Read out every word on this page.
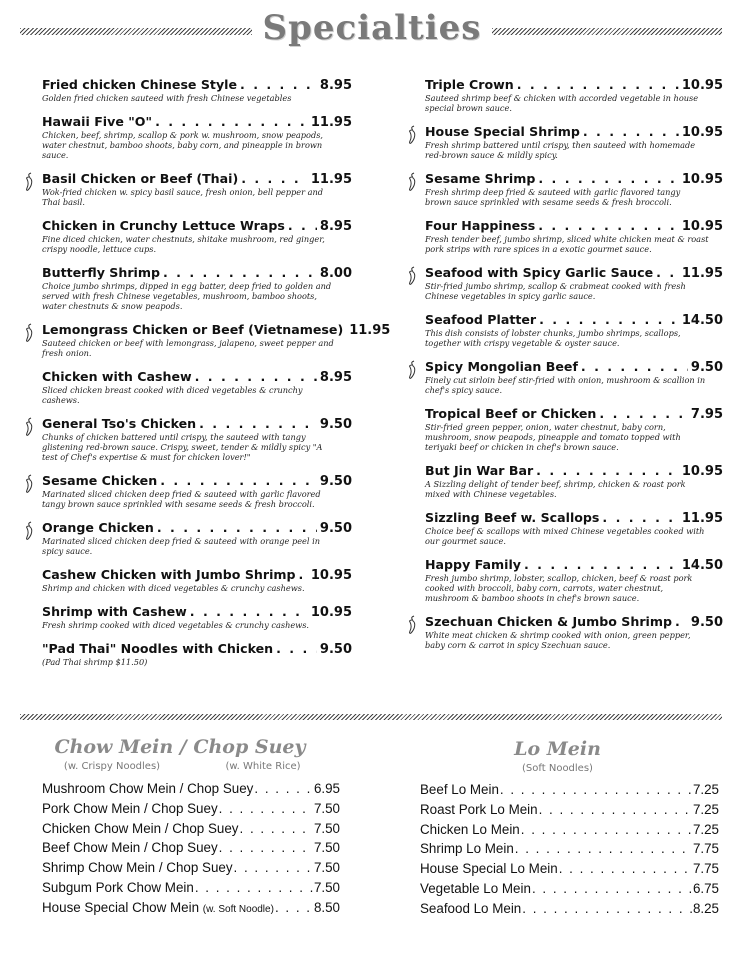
Specialties
Fried chicken Chinese Style . . .	8.95
Golden fried chicken sauteed with fresh Chinese vegetables
Hawaii Five "O" . . .	11.95
Chicken, beef, shrimp, scallop & pork w. mushroom, snow peapods, water chestnut, bamboo shoots, baby corn, and pineapple in brown sauce.
Basil Chicken or Beef (Thai) . . .	11.95
Wok-fried chicken w. spicy basil sauce, fresh onion, bell pepper and Thai basil.
Chicken in Crunchy Lettuce Wraps . . .	8.95
Fine diced chicken, water chestnuts, shitake mushroom, red ginger, crispy noodle, lettuce cups.
Butterfly Shrimp . . .	8.00
Choice jumbo shrimps, dipped in egg batter, deep fried to golden and served with fresh Chinese vegetables, mushroom, bamboo shoots, water chestnuts & snow peapods.
Lemongrass Chicken or Beef (Vietnamese) 11.95
Sauteed chicken or beef with lemongrass, jalapeno, sweet pepper and fresh onion.
Chicken with Cashew . . .	8.95
Sliced chicken breast cooked with diced vegetables & crunchy cashews.
General Tso's Chicken . . .	9.50
Chunks of chicken battered until crispy, the sauteed with tangy glistening red-brown sauce. Crispy, sweet, tender & mildly spicy "A test of Chef's expertise & must for chicken lover!"
Sesame Chicken . . .	9.50
Marinated sliced chicken deep fried & sauteed with garlic flavored tangy brown sauce sprinkled with sesame seeds & fresh broccoli.
Orange Chicken . . .	9.50
Marinated sliced chicken deep fried & sauteed with orange peel in spicy sauce.
Cashew Chicken with Jumbo Shrimp . . . 10.95
Shrimp and chicken with diced vegetables & crunchy cashews.
Shrimp with Cashew . . .	10.95
Fresh shrimp cooked with diced vegetables & crunchy cashews.
"Pad Thai" Noodles with Chicken . . .	9.50
(Pad Thai shrimp $11.50)
Triple Crown . . .	10.95
Sauteed shrimp beef & chicken with accorded vegetable in house special brown sauce.
House Special Shrimp . . .	10.95
Fresh shrimp battered until crispy, then sauteed with homemade red-brown sauce & mildly spicy.
Sesame Shrimp . . .	10.95
Fresh shrimp deep fried & sauteed with garlic flavored tangy brown sauce sprinkled with sesame seeds & fresh broccoli.
Four Happiness . . .	10.95
Fresh tender beef, jumbo shrimp, sliced white chicken meat & roast pork strips with rare spices in a exotic gourmet sauce.
Seafood with Spicy Garlic Sauce . . . 11.95
Stir-fried jumbo shrimp, scallop & crabmeat cooked with fresh Chinese vegetables in spicy garlic sauce.
Seafood Platter . . .	14.50
This dish consists of lobster chunks, jumbo shrimps, scallops, together with crispy vegetable & oyster sauce.
Spicy Mongolian Beef . . .	9.50
Finely cut sirloin beef stir-fried with onion, mushroom & scallion in chef's spicy sauce.
Tropical Beef or Chicken . . .	7.95
Stir-fried green pepper, onion, water chestnut, baby corn, mushroom, snow peapods, pineapple and tomato topped with teriyaki beef or chicken in chef's brown sauce.
But Jin War Bar . . .	10.95
A Sizzling delight of tender beef, shrimp, chicken & roast pork mixed with Chinese vegetables.
Sizzling Beef w. Scallops . . .	11.95
Choice beef & scallops with mixed Chinese vegetables cooked with our gourmet sauce.
Happy Family . . .	14.50
Fresh jumbo shrimp, lobster, scallop, chicken, beef & roast pork cooked with broccoli, baby corn, carrots, water chestnut, mushroom & bamboo shoots in chef's brown sauce.
Szechuan Chicken & Jumbo Shrimp . . . 9.50
White meat chicken & shrimp cooked with onion, green pepper, baby corn & carrot in spicy Szechuan sauce.
Chow Mein / Chop Suey
(w. Crispy Noodles)	(w. White Rice)
Mushroom Chow Mein / Chop Suey . . .	6.95
Pork Chow Mein / Chop Suey . . .	7.50
Chicken Chow Mein / Chop Suey . . .	7.50
Beef Chow Mein / Chop Suey . . .	7.50
Shrimp Chow Mein / Chop Suey . . .	7.50
Subgum Pork Chow Mein . . .	7.50
House Special Chow Mein (w. Soft Noodle) . . .	8.50
Lo Mein
(Soft Noodles)
Beef Lo Mein . . .	7.25
Roast Pork Lo Mein . . .	7.25
Chicken Lo Mein . . .	7.25
Shrimp Lo Mein . . .	7.75
House Special Lo Mein . . .	7.75
Vegetable Lo Mein . . .	6.75
Seafood Lo Mein . . .	8.25
